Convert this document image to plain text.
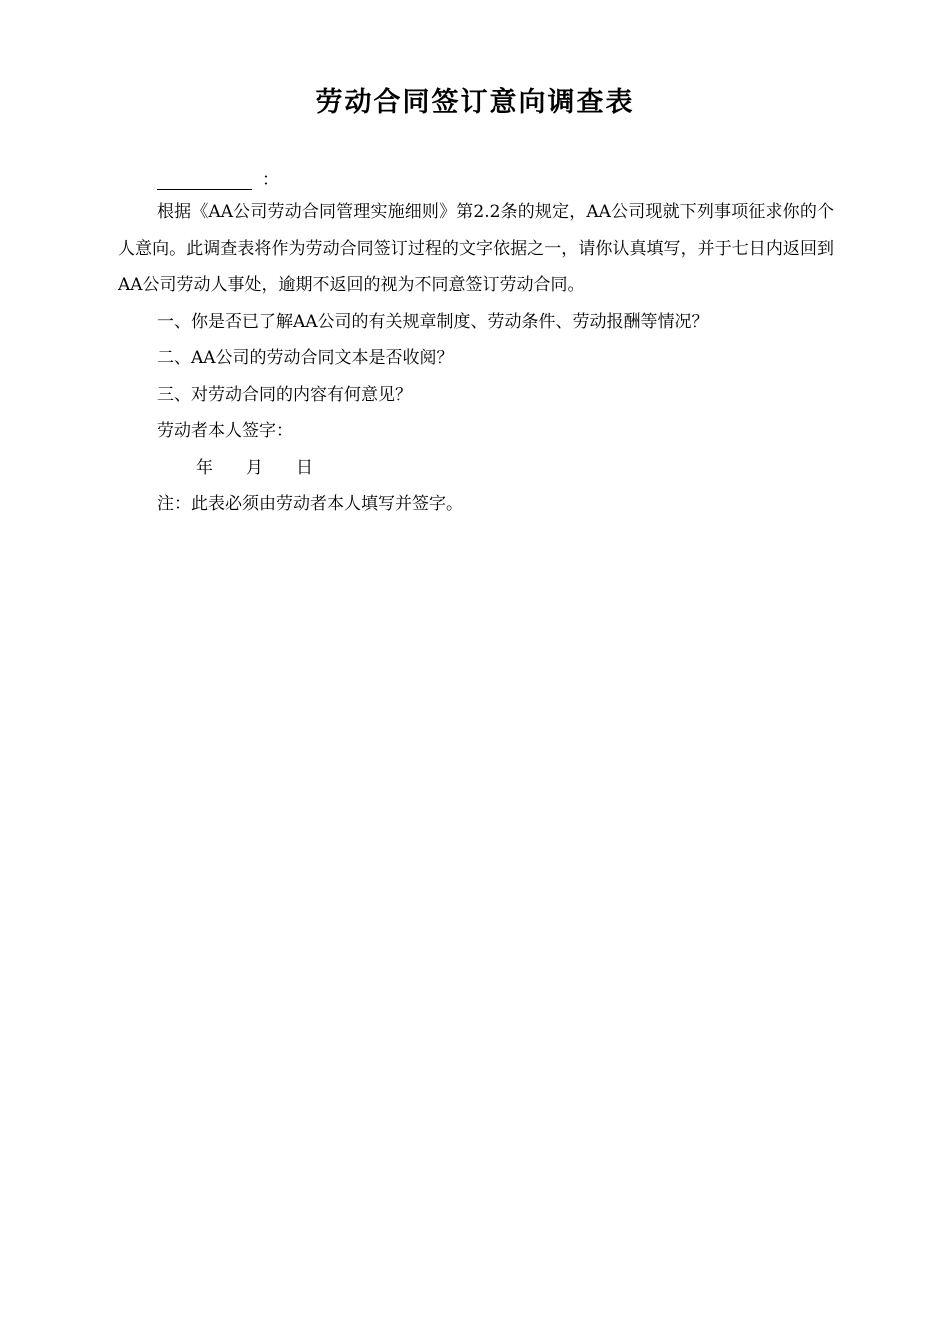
劳动合同签订意向调查表
：

根据《AA公司劳动合同管理实施细则》第2.2条的规定，AA公司现就下列事项征求你的个人意向。此调查表将作为劳动合同签订过程的文字依据之一，请你认真填写，并于七日内返回到AA公司劳动人事处，逾期不返回的视为不同意签订劳动合同。

一、你是否已了解AA公司的有关规章制度、劳动条件、劳动报酬等情况？

二、AA公司的劳动合同文本是否收阅？

三、对劳动合同的内容有何意见？

劳动者本人签字：

年 月 日

注：此表必须由劳动者本人填写并签字。
